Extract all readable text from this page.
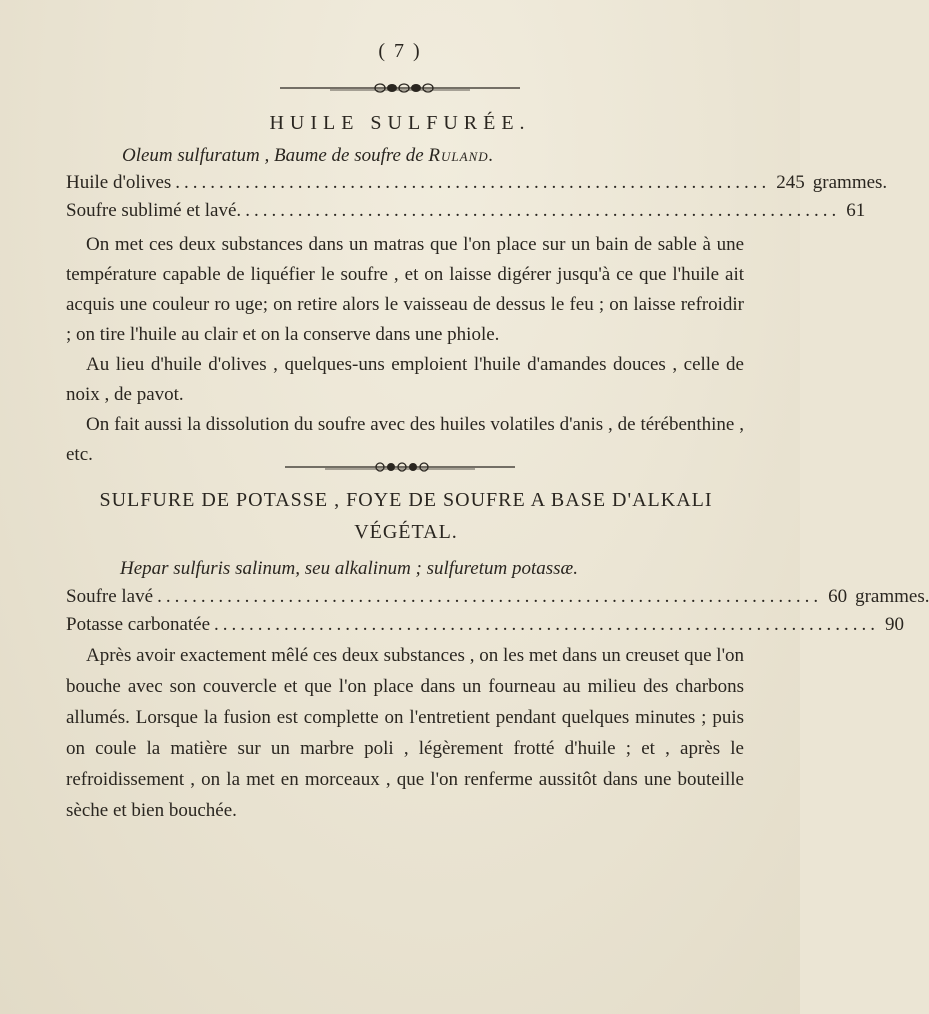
( 7 )
HUILE SULFURÉE.
Oleum sulfuratum , Baume de soufre de Ruland.
Huile d'olives .................................................................... 245 grammes.
Soufre sublimé et lavé. .................................................................... 61

On met ces deux substances dans un matras que l'on place sur un bain de sable à une température capable de liquéfier le soufre , et on laisse digérer jusqu'à ce que l'huile ait acquis une couleur ro uge; on retire alors le vaisseau de dessus le feu ; on laisse refroidir ; on tire l'huile au clair et on la conserve dans une phiole.

Au lieu d'huile d'olives , quelques-uns emploient l'huile d'amandes douces , celle de noix , de pavot.

On fait aussi la dissolution du soufre avec des huiles volatiles d'anis , de térébenthine , etc.

SULFURE DE POTASSE , FOYE DE SOUFRE A BASE D'ALKALI
VÉGÉTAL.
Hepar sulfuris salinum, seu alkalinum ; sulfuretum potassæ.
Soufre lavé ............................................................................ 60 grammes.
Potasse carbonatée ............................................................................ 90

Après avoir exactement mêlé ces deux substances , on les met dans un creuset que l'on bouche avec son couvercle et que l'on place dans un fourneau au milieu des charbons allumés. Lorsque la fusion est complette on l'entretient pendant quelques minutes ; puis on coule la matière sur un marbre poli , légèrement frotté d'huile ; et , après le refroidissement , on la met en morceaux , que l'on renferme aussitôt dans une bouteille sèche et bien bouchée.
